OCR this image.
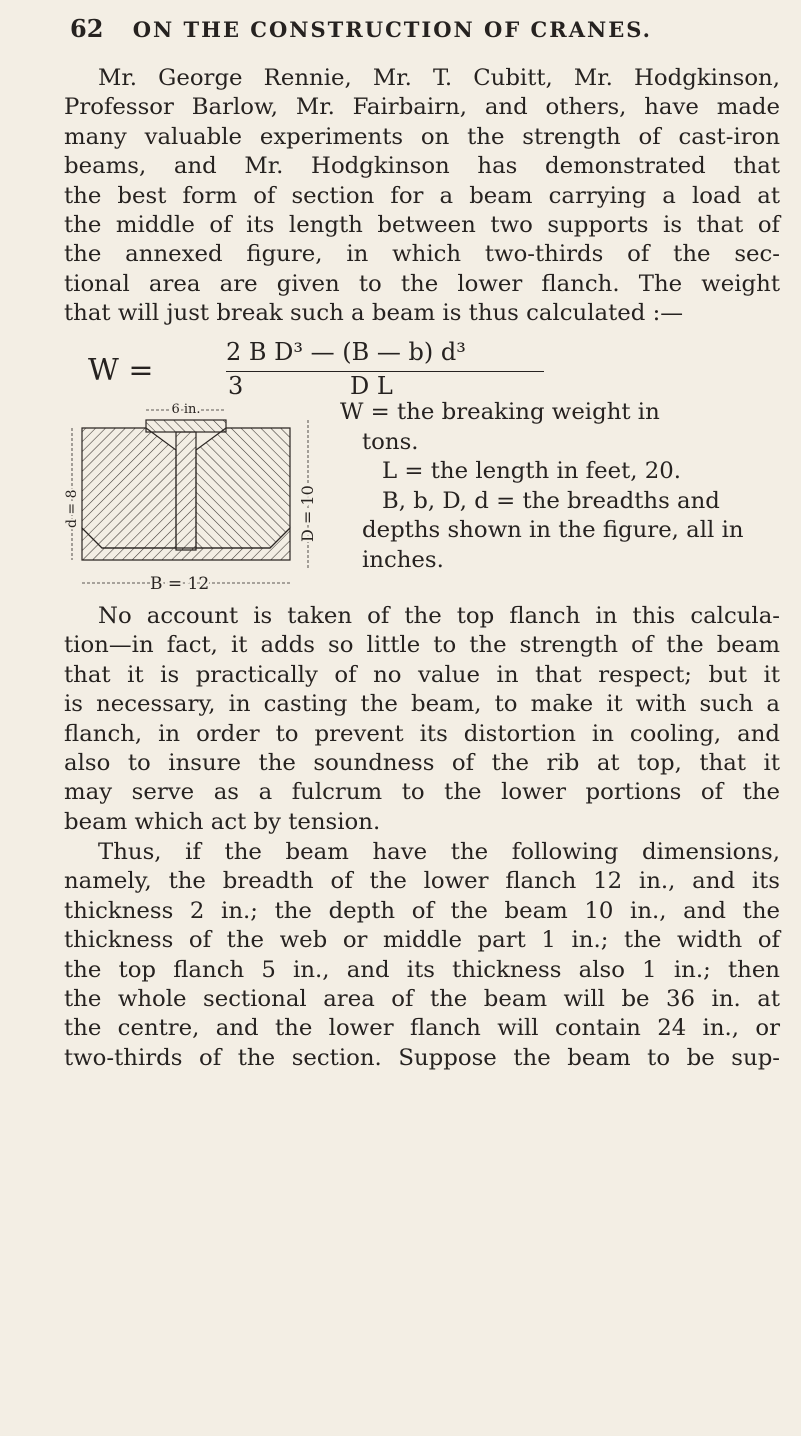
62 ON THE CONSTRUCTION OF CRANES.
Mr. George Rennie, Mr. T. Cubitt, Mr. Hodgkinson,
Professor Barlow, Mr. Fairbairn, and others, have made
many valuable experiments on the strength of cast-iron
beams, and Mr. Hodgkinson has demonstrated that
the best form of section for a beam carrying a load at
the middle of its length between two supports is that of
the annexed figure, in which two-thirds of the sec-
tional area are given to the lower flanch. The weight
that will just break such a beam is thus calculated :—
W =
2 B D³ — (B — b) d³
3	D L
6 in.
B = 12
d = 8	D = 10
W = the breaking weight in
tons.
L = the length in feet, 20.
B, b, D, d = the breadths and
depths shown in the figure, all in
inches.
No account is taken of the top flanch in this calcula-
tion—in fact, it adds so little to the strength of the beam
that it is practically of no value in that respect; but it
is necessary, in casting the beam, to make it with such a
flanch, in order to prevent its distortion in cooling, and
also to insure the soundness of the rib at top, that it
may serve as a fulcrum to the lower portions of the
beam which act by tension.
Thus, if the beam have the following dimensions,
namely, the breadth of the lower flanch 12 in., and its
thickness 2 in.; the depth of the beam 10 in., and the
thickness of the web or middle part 1 in.; the width of
the top flanch 5 in., and its thickness also 1 in.; then
the whole sectional area of the beam will be 36 in. at
the centre, and the lower flanch will contain 24 in., or
two-thirds of the section. Suppose the beam to be sup-
